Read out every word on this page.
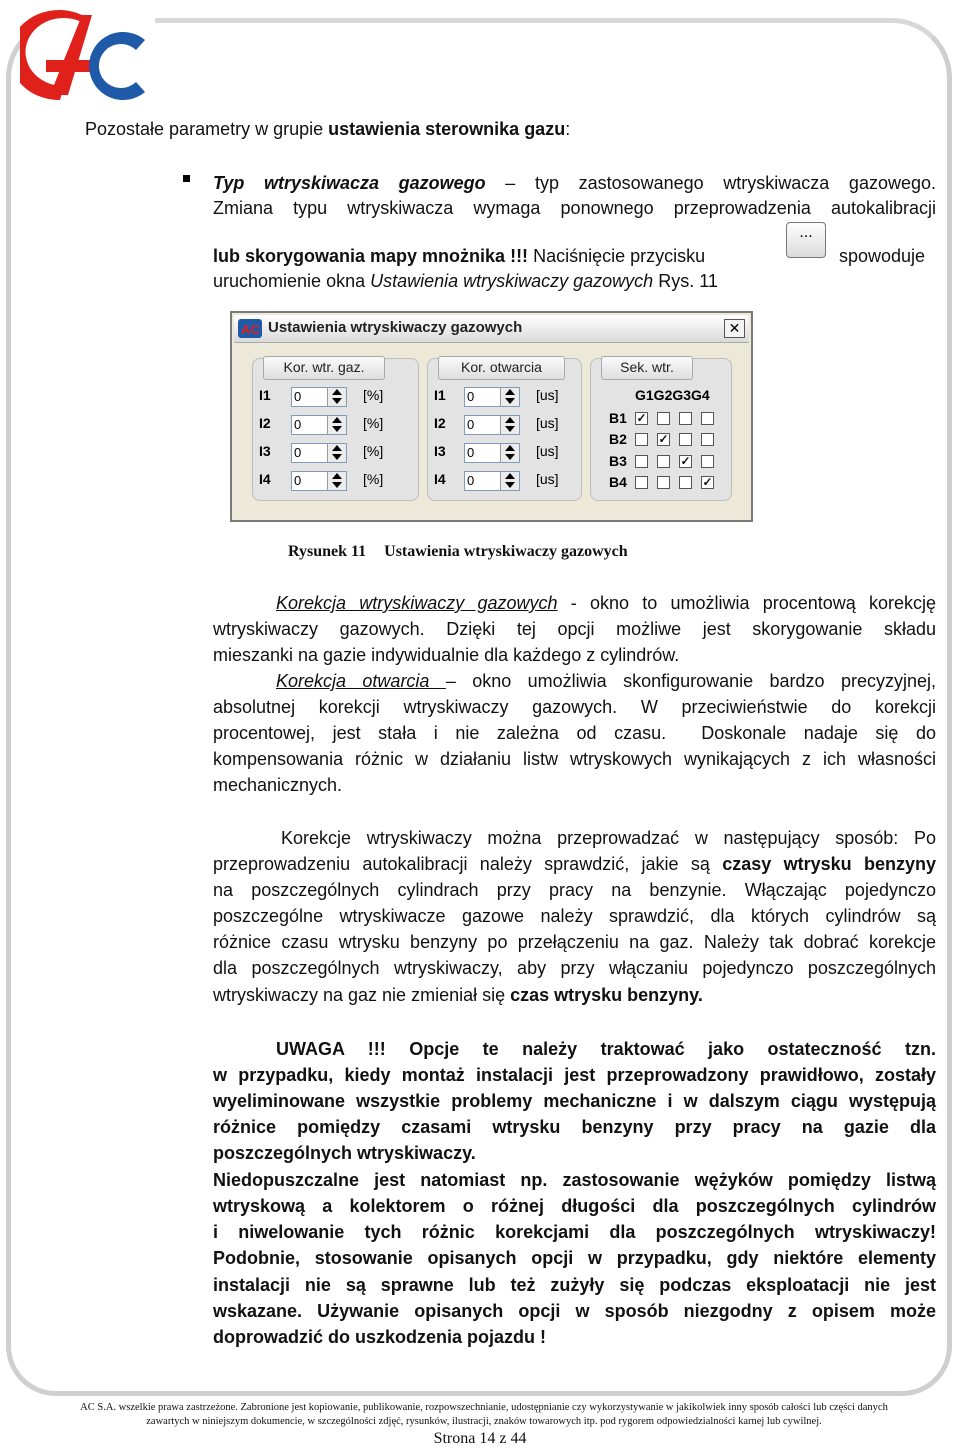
Pozostałe parametry w grupie ustawienia sterownika gazu:
Typ wtryskiwacza gazowego – typ zastosowanego wtryskiwacza gazowego.
Zmiana typu wtryskiwacza wymaga ponownego przeprowadzenia autokalibracji
lub skorygowania mapy mnożnika !!! Naciśnięcie przycisku
...
spowoduje
uruchomienie okna Ustawienia wtryskiwaczy gazowych Rys. 11
AC Ustawienia wtryskiwaczy gazowych	✕
Kor. wtr. gaz.
I1
I2
I3
I4
0
0
0
0
[%]
[%]
[%]
[%]
Kor. otwarcia
I1
I2
I3
I4
0
0
0
0
[us]
[us]
[us]
[us]
Sek. wtr.
G1G2G3G4
B1
B2
B3
B4
✓
✓
✓
✓
Rysunek 11 Ustawienia wtryskiwaczy gazowych
Korekcja wtryskiwaczy gazowych - okno to umożliwia procentową korekcję
wtryskiwaczy gazowych. Dzięki tej opcji możliwe jest skorygowanie składu
mieszanki na gazie indywidualnie dla każdego z cylindrów.
Korekcja otwarcia – okno umożliwia skonfigurowanie bardzo precyzyjnej,
absolutnej korekcji wtryskiwaczy gazowych. W przeciwieństwie do korekcji
procentowej, jest stała i nie zależna od czasu.  Doskonale nadaje się do
kompensowania różnic w działaniu listw wtryskowych wynikających z ich własności
mechanicznych.
Korekcje wtryskiwaczy można przeprowadzać w następujący sposób: Po
przeprowadzeniu autokalibracji należy sprawdzić, jakie są czasy wtrysku benzyny
na poszczególnych cylindrach przy pracy na benzynie. Włączając pojedynczo
poszczególne wtryskiwacze gazowe należy sprawdzić, dla których cylindrów są
różnice czasu wtrysku benzyny po przełączeniu na gaz. Należy tak dobrać korekcje
dla poszczególnych wtryskiwaczy, aby przy włączaniu pojedynczo poszczególnych
wtryskiwaczy na gaz nie zmieniał się czas wtrysku benzyny.
UWAGA !!! Opcje te należy traktować jako ostateczność tzn.
w przypadku, kiedy montaż instalacji jest przeprowadzony prawidłowo, zostały
wyeliminowane wszystkie problemy mechaniczne i w dalszym ciągu występują
różnice pomiędzy czasami wtrysku benzyny przy pracy na gazie dla
poszczególnych wtryskiwaczy.
Niedopuszczalne jest natomiast np. zastosowanie wężyków pomiędzy listwą
wtryskową a kolektorem o różnej długości dla poszczególnych cylindrów
i niwelowanie tych różnic korekcjami dla poszczególnych wtryskiwaczy!
Podobnie, stosowanie opisanych opcji w przypadku, gdy niektóre elementy
instalacji nie są sprawne lub też zużyły się podczas eksploatacji nie jest
wskazane. Używanie opisanych opcji w sposób niezgodny z opisem może
doprowadzić do uszkodzenia pojazdu !
AC S.A. wszelkie prawa zastrzeżone. Zabronione jest kopiowanie, publikowanie, rozpowszechnianie, udostępnianie czy wykorzystywanie w jakikolwiek inny sposób całości lub części danych
zawartych w niniejszym dokumencie, w szczególności zdjęć, rysunków, ilustracji, znaków towarowych itp. pod rygorem odpowiedzialności karnej lub cywilnej.
Strona 14 z 44
